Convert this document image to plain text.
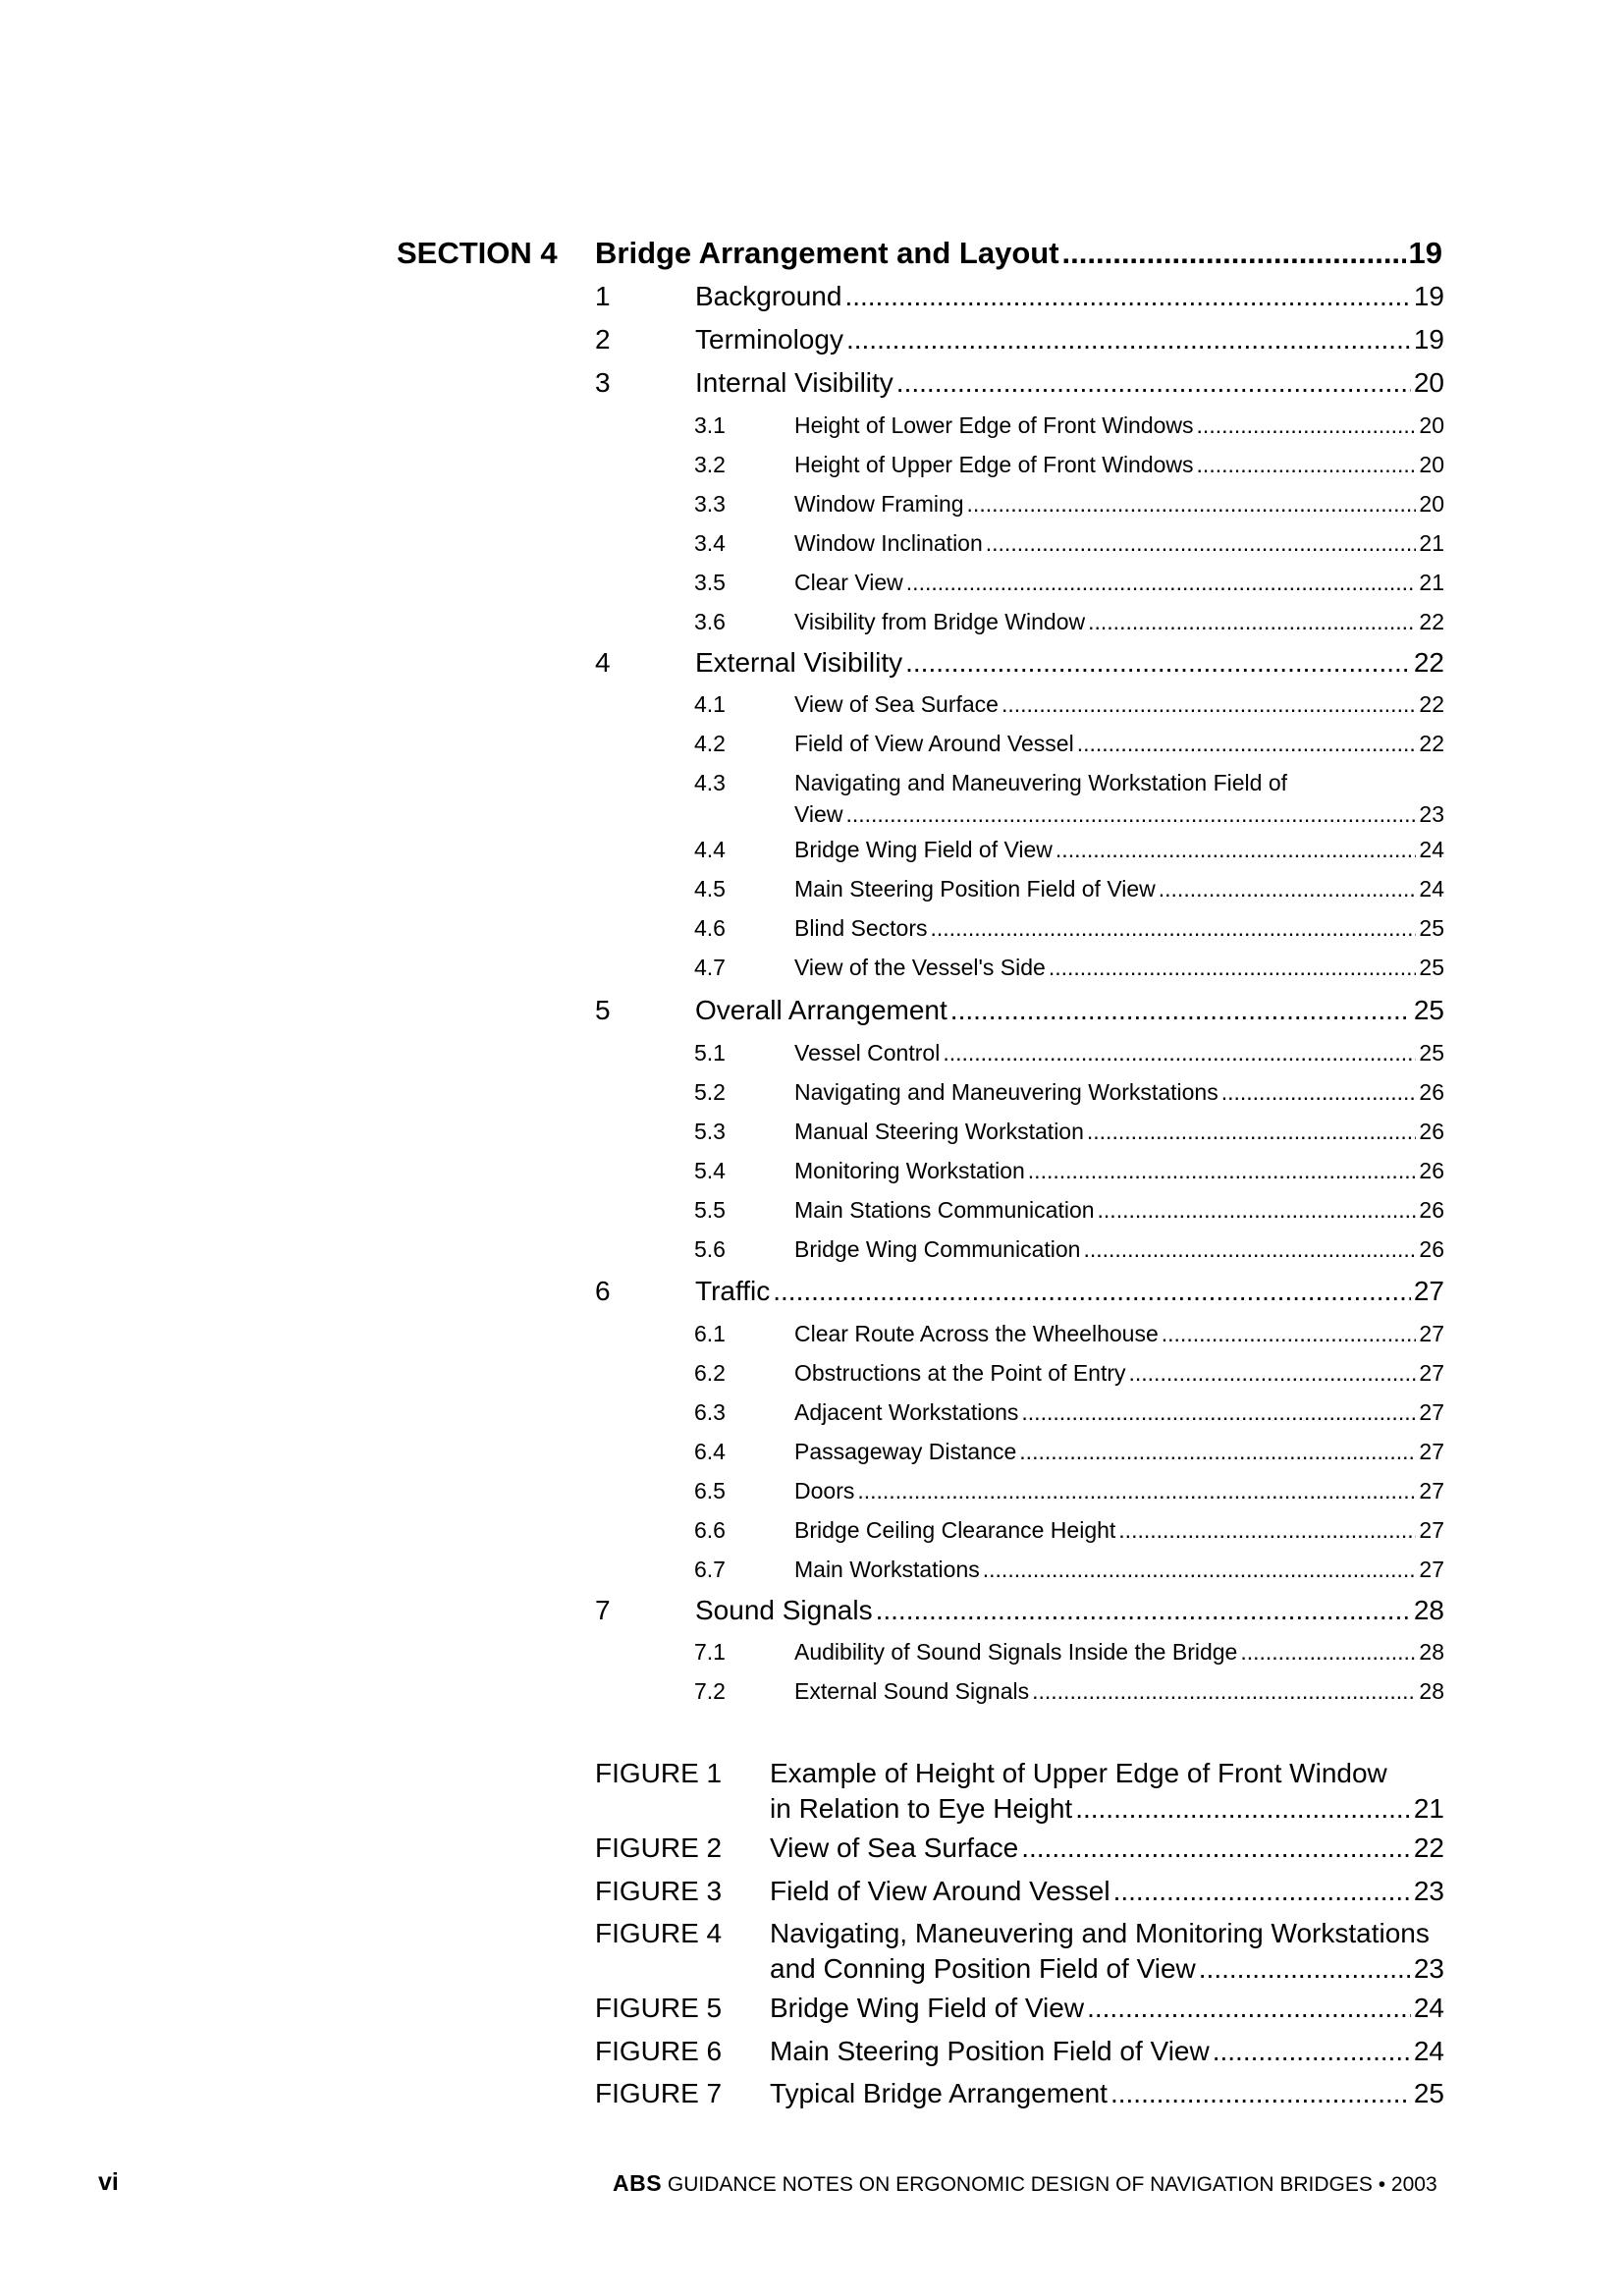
SECTION 4 Bridge Arrangement and Layout .....	19
1	Background .....	19
2	Terminology .....	19
3	Internal Visibility .....	20
3.1	Height of Lower Edge of Front Windows .....	20
3.2	Height of Upper Edge of Front Windows .....	20
3.3	Window Framing .....	20
3.4	Window Inclination .....	21
3.5	Clear View .....	21
3.6	Visibility from Bridge Window .....	22
4	External Visibility .....	22
4.1	View of Sea Surface .....	22
4.2	Field of View Around Vessel .....	22
4.3	Navigating and Maneuvering Workstation Field of
View .....	23
4.4	Bridge Wing Field of View .....	24
4.5	Main Steering Position Field of View .....	24
4.6	Blind Sectors .....	25
4.7	View of the Vessel's Side .....	25
5	Overall Arrangement .....	25
5.1	Vessel Control .....	25
5.2	Navigating and Maneuvering Workstations .....	26
5.3	Manual Steering Workstation .....	26
5.4	Monitoring Workstation .....	26
5.5	Main Stations Communication .....	26
5.6	Bridge Wing Communication .....	26
6	Traffic .....	27
6.1	Clear Route Across the Wheelhouse .....	27
6.2	Obstructions at the Point of Entry .....	27
6.3	Adjacent Workstations .....	27
6.4	Passageway Distance .....	27
6.5	Doors .....	27
6.6	Bridge Ceiling Clearance Height .....	27
6.7	Main Workstations .....	27
7	Sound Signals .....	28
7.1	Audibility of Sound Signals Inside the Bridge .....	28
7.2	External Sound Signals .....	28
FIGURE 1	Example of Height of Upper Edge of Front Window
in Relation to Eye Height .....	21
FIGURE 2	View of Sea Surface .....	22
FIGURE 3	Field of View Around Vessel .....	23
FIGURE 4	Navigating, Maneuvering and Monitoring Workstations
and Conning Position Field of View .....	23
FIGURE 5	Bridge Wing Field of View .....	24
FIGURE 6	Main Steering Position Field of View .....	24
FIGURE 7	Typical Bridge Arrangement .....	25
vi	ABS GUIDANCE NOTES ON ERGONOMIC DESIGN OF NAVIGATION BRIDGES • 2003
